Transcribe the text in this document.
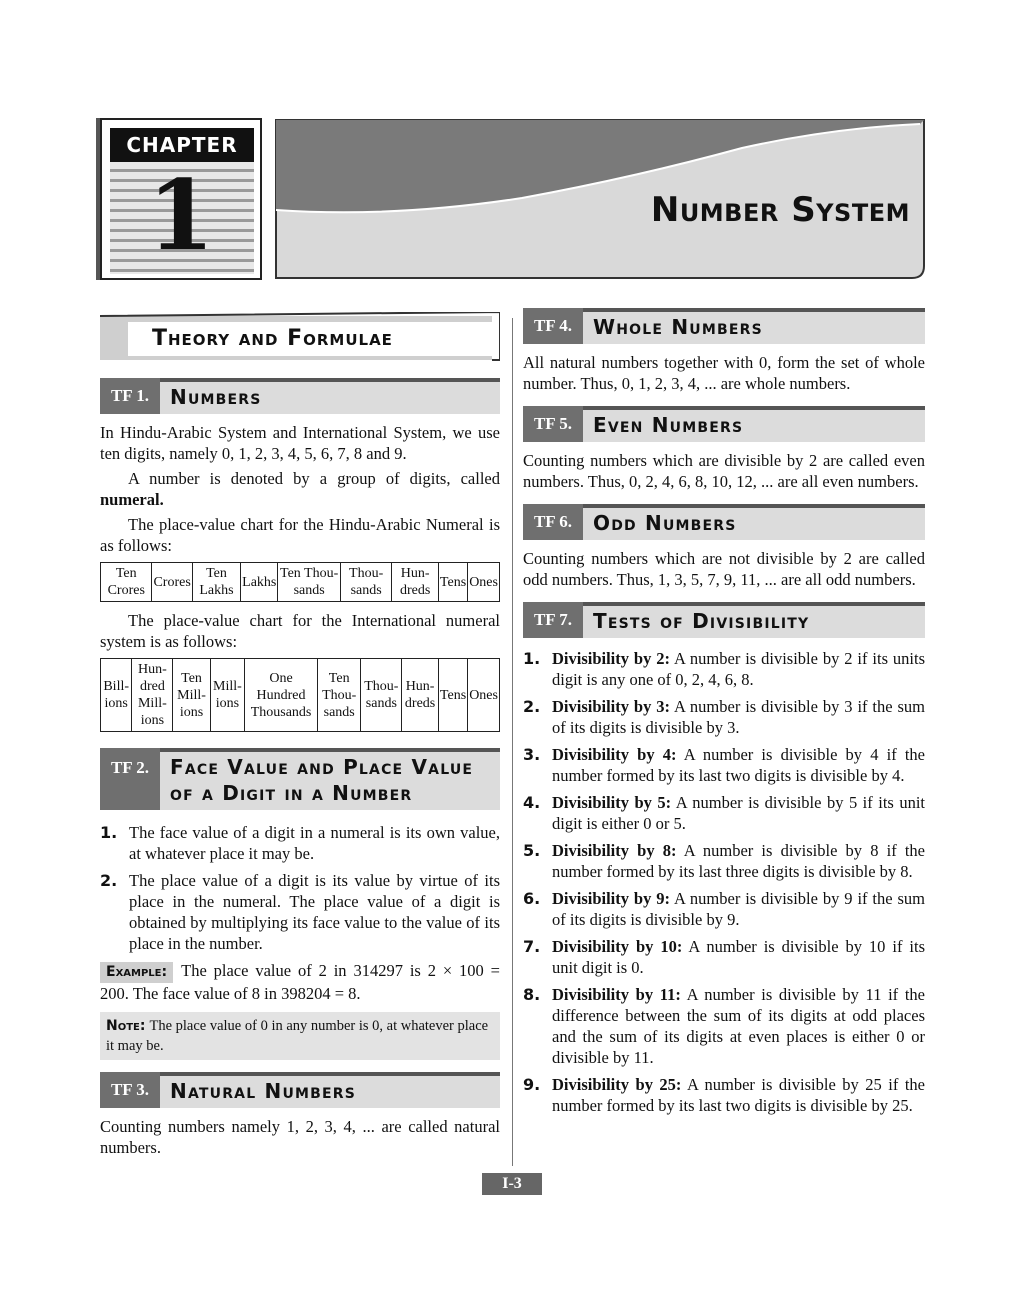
CHAPTER
1	Number System
Theory and Formulae
TF 1.	Numbers

In Hindu-Arabic System and International System, we use ten digits, namely 0, 1, 2, 3, 4, 5, 6, 7, 8 and 9.

A number is denoted by a group of digits, called numeral.

The place-value chart for the Hindu-Arabic Numeral is as follows:

Ten Crores	Crores	Ten Lakhs	Lakhs	Ten Thou-sands	Thou-sands	Hun-dreds	Tens	Ones

The place-value chart for the International numeral system is as follows:

Bill-ions	Hun-dred Mill-ions	Ten Mill-ions	Mill-ions	One Hundred Thousands	Ten Thou-sands	Thou-sands	Hun-dreds	Tens	Ones
TF 2.	Face Value and Place Value
of a Digit in a Number
1. The face value of a digit in a numeral is its own value, at whatever place it may be.
2. The place value of a digit is its value by virtue of its place in the numeral. The place value of a digit is obtained by multiplying its face value to the value of its place in the number.

Example: The place value of 2 in 314297 is 2 × 100 = 200. The face value of 8 in 398204 = 8.

Note: The place value of 0 in any number is 0, at whatever place it may be.
TF 3.	Natural Numbers

Counting numbers namely 1, 2, 3, 4, ... are called natural numbers.

TF 4.	Whole Numbers

All natural numbers together with 0, form the set of whole number. Thus, 0, 1, 2, 3, 4, ... are whole numbers.

TF 5.	Even Numbers

Counting numbers which are divisible by 2 are called even numbers. Thus, 0, 2, 4, 6, 8, 10, 12, ... are all even numbers.

TF 6.	Odd Numbers

Counting numbers which are not divisible by 2 are called odd numbers. Thus, 1, 3, 5, 7, 9, 11, ... are all odd numbers.

TF 7.	Tests of Divisibility
1. Divisibility by 2: A number is divisible by 2 if its units digit is any one of 0, 2, 4, 6, 8.
2. Divisibility by 3: A number is divisible by 3 if the sum of its digits is divisible by 3.
3. Divisibility by 4: A number is divisible by 4 if the number formed by its last two digits is divisible by 4.
4. Divisibility by 5: A number is divisible by 5 if its unit digit is either 0 or 5.
5. Divisibility by 8: A number is divisible by 8 if the number formed by its last three digits is divisible by 8.
6. Divisibility by 9: A number is divisible by 9 if the sum of its digits is divisible by 9.
7. Divisibility by 10: A number is divisible by 10 if its unit digit is 0.
8. Divisibility by 11: A number is divisible by 11 if the difference between the sum of its digits at odd places and the sum of its digits at even places is either 0 or divisible by 11.
9. Divisibility by 25: A number is divisible by 25 if the number formed by its last two digits is divisible by 25.
I-3
